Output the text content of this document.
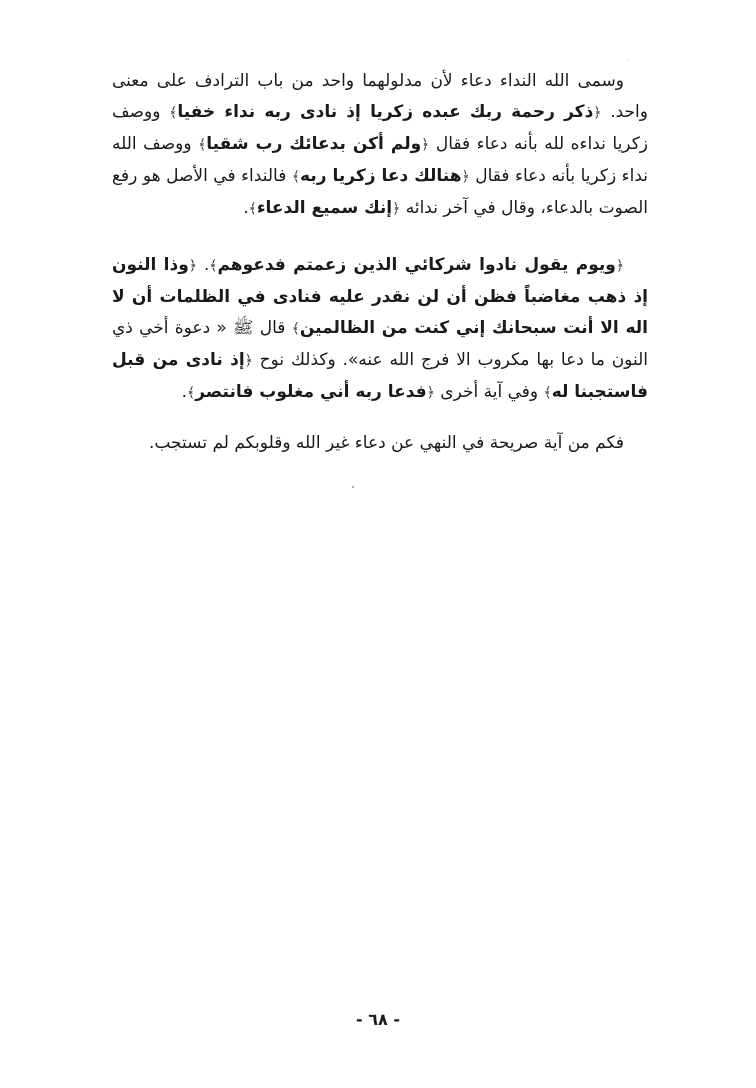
وسمى الله النداء دعاء لأن مدلولهما واحد من باب الترادف على معنى واحد. ﴿ذكر رحمة ربك عبده زكريا إذ نادى ربه نداء خفيا﴾ ووصف زكريا نداءه لله بأنه دعاء فقال ﴿ولم أكن بدعائك رب شقيا﴾ ووصف الله نداء زكريا بأنه دعاء فقال ﴿هنالك دعا زكريا ربه﴾ فالنداء في الأصل هو رفع الصوت بالدعاء، وقال في آخر ندائه ﴿إنك سميع الدعاء﴾.

﴿ويوم يقول نادوا شركائي الذين زعمتم فدعوهم﴾. ﴿وذا النون إذ ذهب مغاضباً فظن أن لن نقدر عليه فنادى في الظلمات أن لا اله الا أنت سبحانك إني كنت من الظالمين﴾ قال ﷺ « دعوة أخي ذي النون ما دعا بها مكروب الا فرج الله عنه». وكذلك نوح ﴿إذ نادى من قبل فاستجبنا له﴾ وفي آية أخرى ﴿فدعا ربه أني مغلوب فانتصر﴾.

فكم من آية صريحة في النهي عن دعاء غير الله وقلوبكم لم تستجب.

- ٦٨ -
